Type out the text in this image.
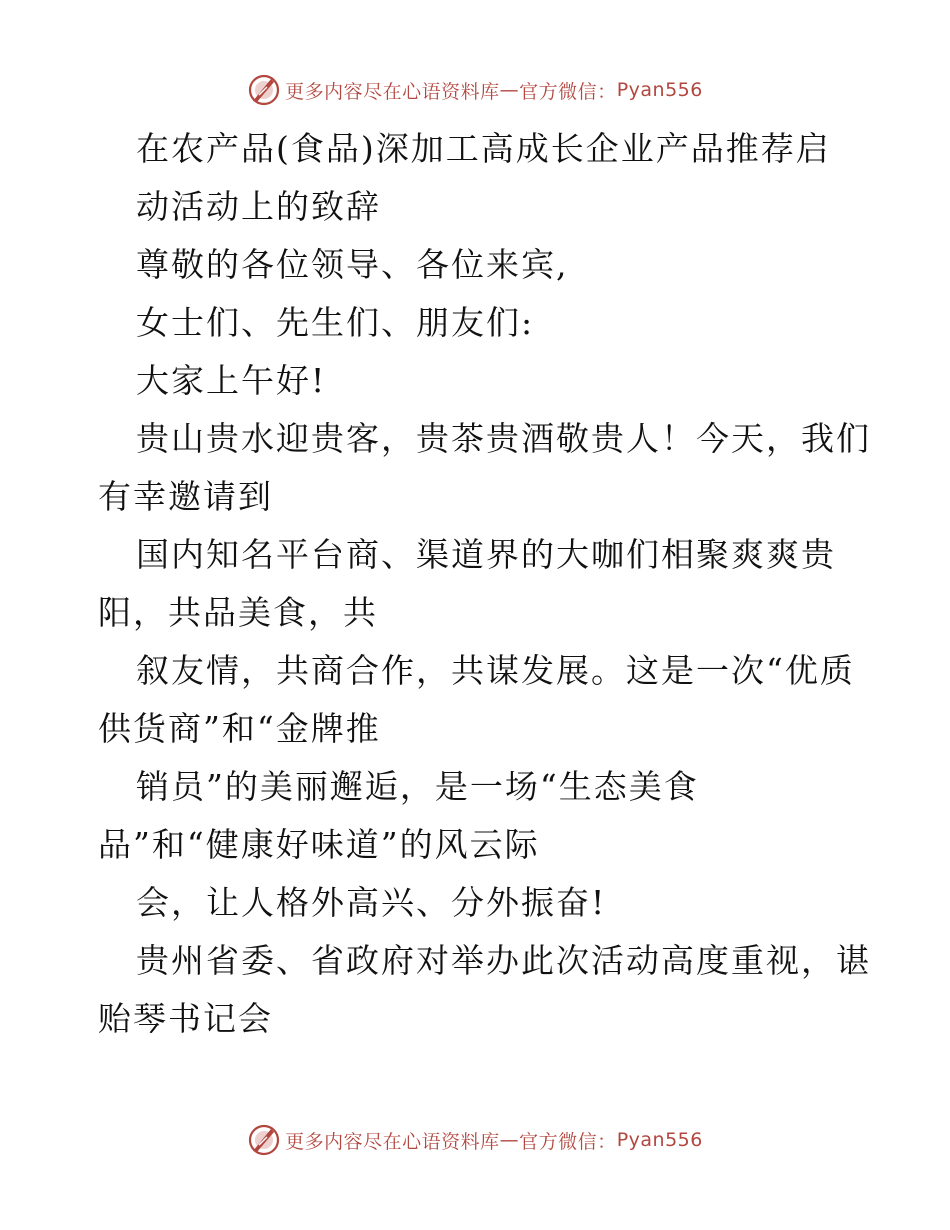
更多内容尽在心语资料库 — 官方微信： Pyan556
在农产品(食品)深加工高成长企业产品推荐启
动活动上的致辞
尊敬的各位领导、各位来宾,
女士们、先生们、朋友们:
大家上午好!
贵山贵水迎贵客，贵茶贵酒敬贵人！今天，我们
有幸邀请到
国内知名平台商、渠道界的大咖们相聚爽爽贵
阳，共品美食，共
叙友情，共商合作，共谋发展。这是一次“优质
供货商”和“金牌推
销员”的美丽邂逅，是一场“生态美食
品”和“健康好味道”的风云际
会，让人格外高兴、分外振奋!
贵州省委、省政府对举办此次活动高度重视，谌
贻琴书记会
更多内容尽在心语资料库 — 官方微信： Pyan556
